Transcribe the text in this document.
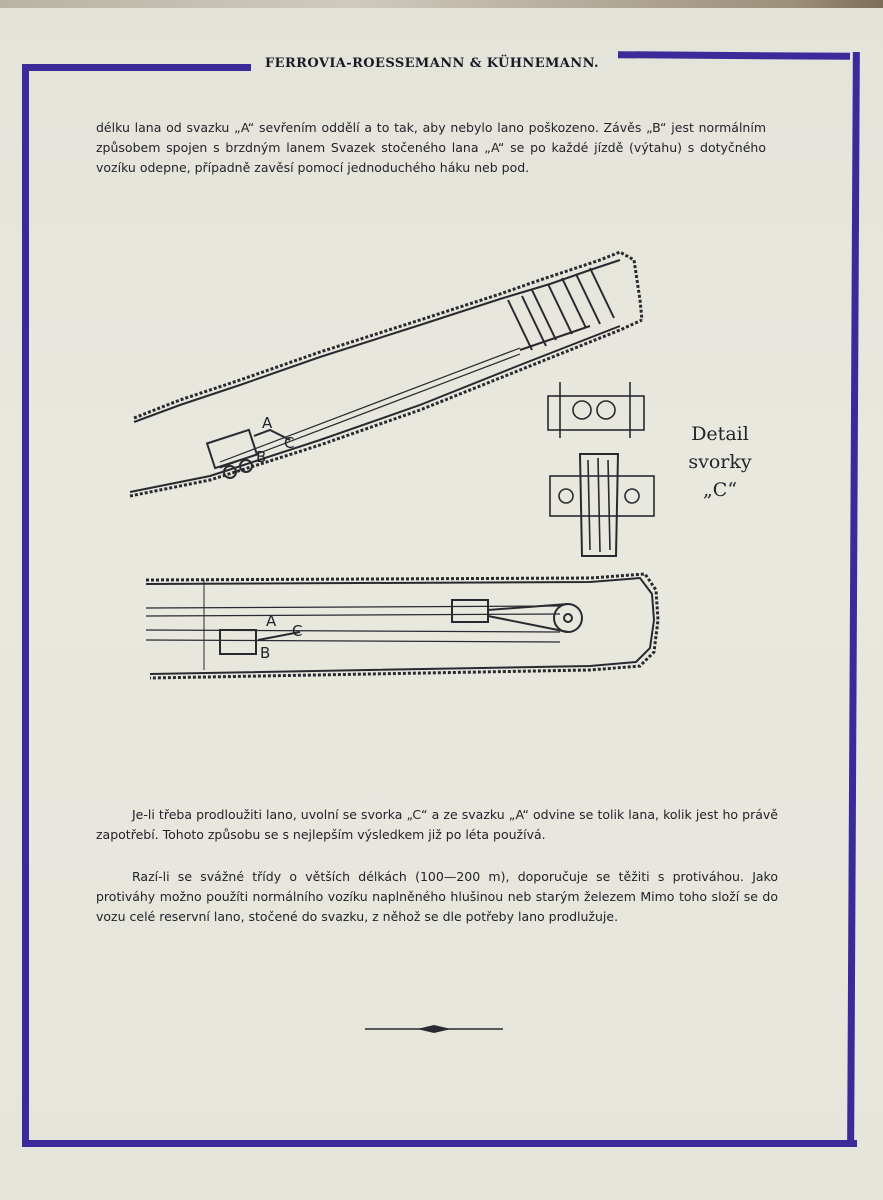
FERROVIA-ROESSEMANN & KÜHNEMANN.
délku lana od svazku „A“ sevřením oddělí a to tak, aby nebylo lano poškozeno. Závěs „B“ jest normálním způsobem spojen s brzdným lanem Svazek stočeného lana „A“ se po každé jízdě (výtahu) s dotyčného vozíku odepne, případně zavěsí pomocí jednoduchého háku neb pod.
A
B
C	Detail
svorky
„C“
A
B
C
Je-li třeba prodloužiti lano, uvolní se svorka „C“ a ze svazku „A“ odvine se tolik lana, kolik jest ho právě zapotřebí. Tohoto způsobu se s nejlepším výsledkem již po léta používá.
Razí-li se svážné třídy o větších délkách (100—200 m), doporučuje se těžiti s protiváhou. Jako protiváhy možno použíti normálního vozíku naplněného hlušinou neb starým železem Mimo toho složí se do vozu celé reservní lano, stočené do svazku, z něhož se dle potřeby lano prodlužuje.
